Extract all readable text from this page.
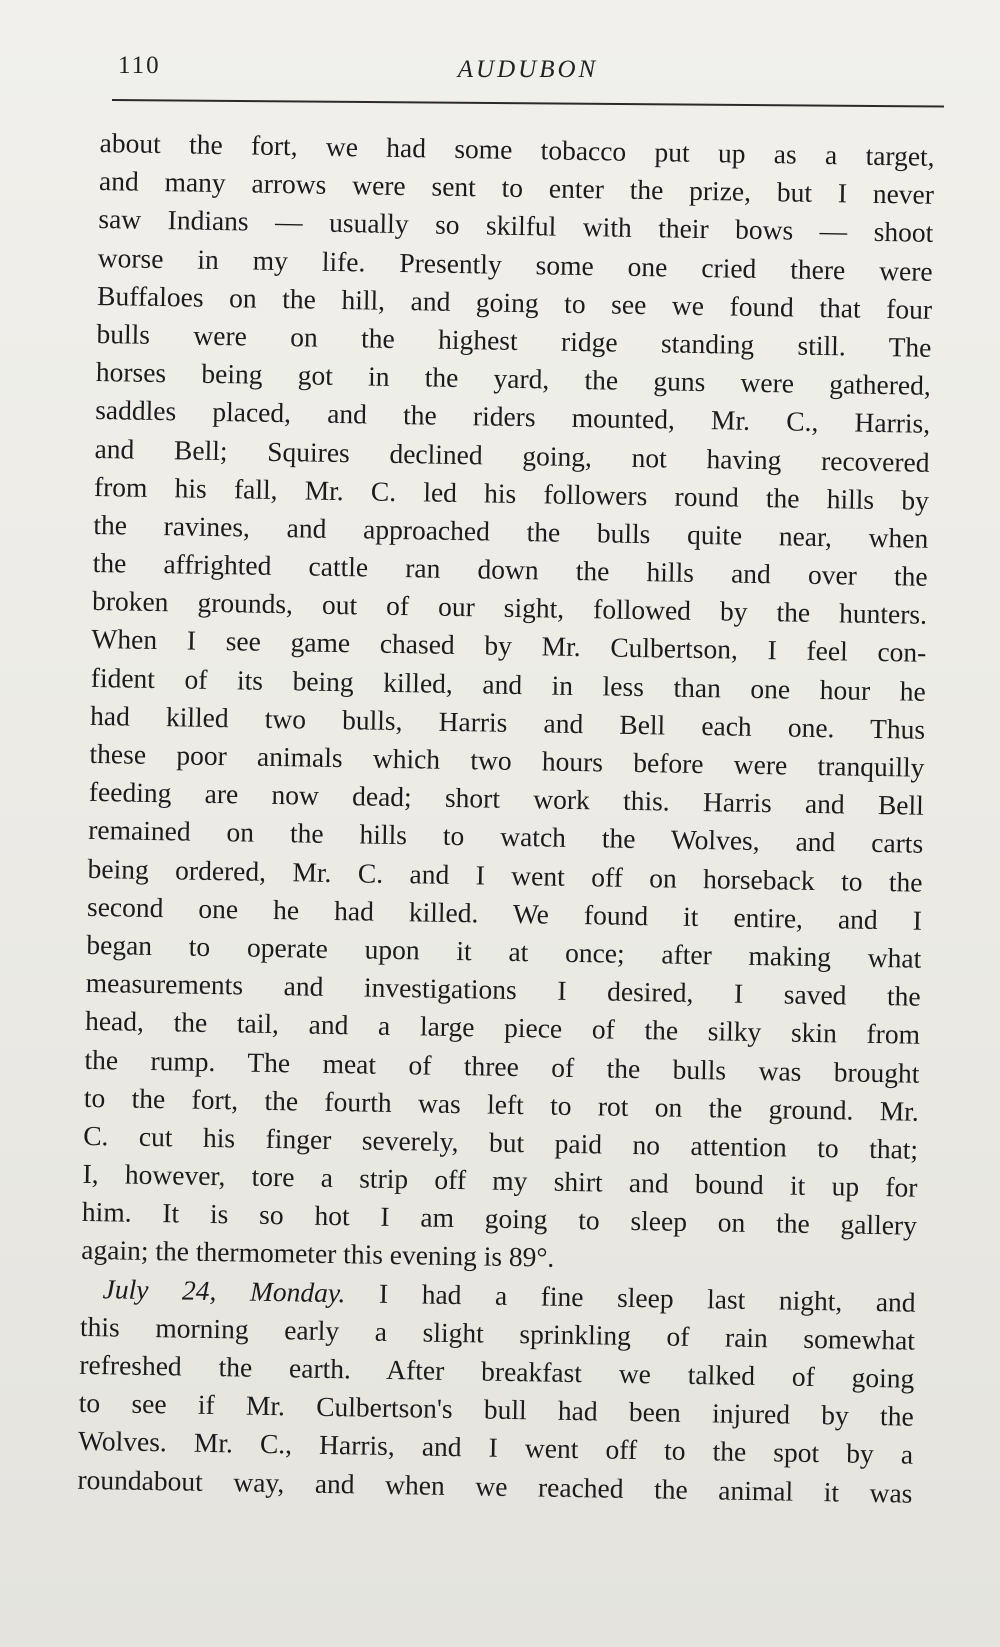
110	AUDUBON
about the fort, we had some tobacco put up as a target,
and many arrows were sent to enter the prize, but I never
saw Indians — usually so skilful with their bows — shoot
worse in my life. Presently some one cried there were
Buffaloes on the hill, and going to see we found that four
bulls were on the highest ridge standing still. The
horses being got in the yard, the guns were gathered,
saddles placed, and the riders mounted, Mr. C., Harris,
and Bell; Squires declined going, not having recovered
from his fall, Mr. C. led his followers round the hills by
the ravines, and approached the bulls quite near, when
the affrighted cattle ran down the hills and over the
broken grounds, out of our sight, followed by the hunters.
When I see game chased by Mr. Culbertson, I feel con-
fident of its being killed, and in less than one hour he
had killed two bulls, Harris and Bell each one. Thus
these poor animals which two hours before were tranquilly
feeding are now dead; short work this. Harris and Bell
remained on the hills to watch the Wolves, and carts
being ordered, Mr. C. and I went off on horseback to the
second one he had killed. We found it entire, and I
began to operate upon it at once; after making what
measurements and investigations I desired, I saved the
head, the tail, and a large piece of the silky skin from
the rump. The meat of three of the bulls was brought
to the fort, the fourth was left to rot on the ground. Mr.
C. cut his finger severely, but paid no attention to that;
I, however, tore a strip off my shirt and bound it up for
him. It is so hot I am going to sleep on the gallery
again; the thermometer this evening is 89°.
July 24, Monday. I had a fine sleep last night, and
this morning early a slight sprinkling of rain somewhat
refreshed the earth. After breakfast we talked of going
to see if Mr. Culbertson's bull had been injured by the
Wolves. Mr. C., Harris, and I went off to the spot by a
roundabout way, and when we reached the animal it was
